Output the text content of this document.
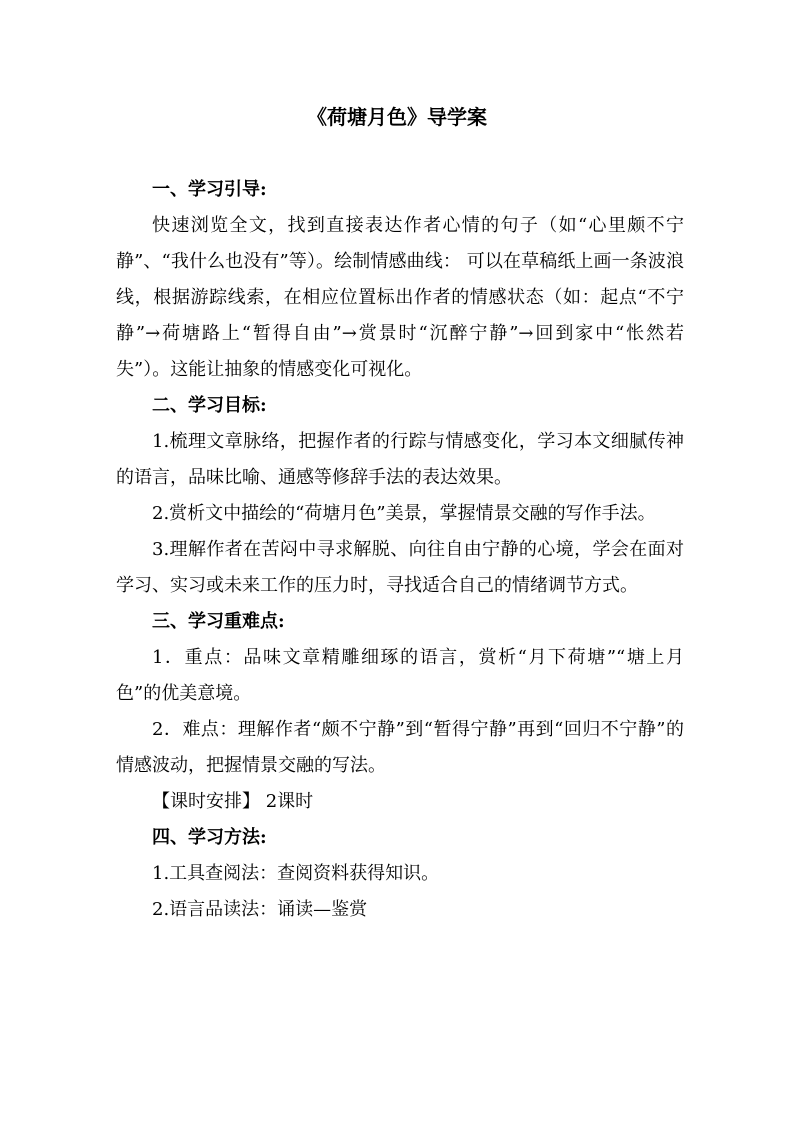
《荷塘月色》导学案

一、学习引导:

快速浏览全文，找到直接表达作者心情的句子（如“心里颇不宁静”、“我什么也没有”等）。绘制情感曲线： 可以在草稿纸上画一条波浪线，根据游踪线索，在相应位置标出作者的情感状态（如：起点“不宁静”→荷塘路上“暂得自由”→赏景时“沉醉宁静”→回到家中“怅然若失”）。这能让抽象的情感变化可视化。

二、学习目标:

1.梳理文章脉络，把握作者的行踪与情感变化，学习本文细腻传神的语言，品味比喻、通感等修辞手法的表达效果。

2.赏析文中描绘的“荷塘月色”美景，掌握情景交融的写作手法。

3.理解作者在苦闷中寻求解脱、向往自由宁静的心境，学会在面对学习、实习或未来工作的压力时，寻找适合自己的情绪调节方式。

三、学习重难点:

1．重点：品味文章精雕细琢的语言，赏析“月下荷塘”“塘上月色”的优美意境。

2．难点：理解作者“颇不宁静”到“暂得宁静”再到“回归不宁静”的情感波动，把握情景交融的写法。

【课时安排】 2课时

四、学习方法:

1.工具查阅法：查阅资料获得知识。

2.语言品读法：诵读—鉴赏
